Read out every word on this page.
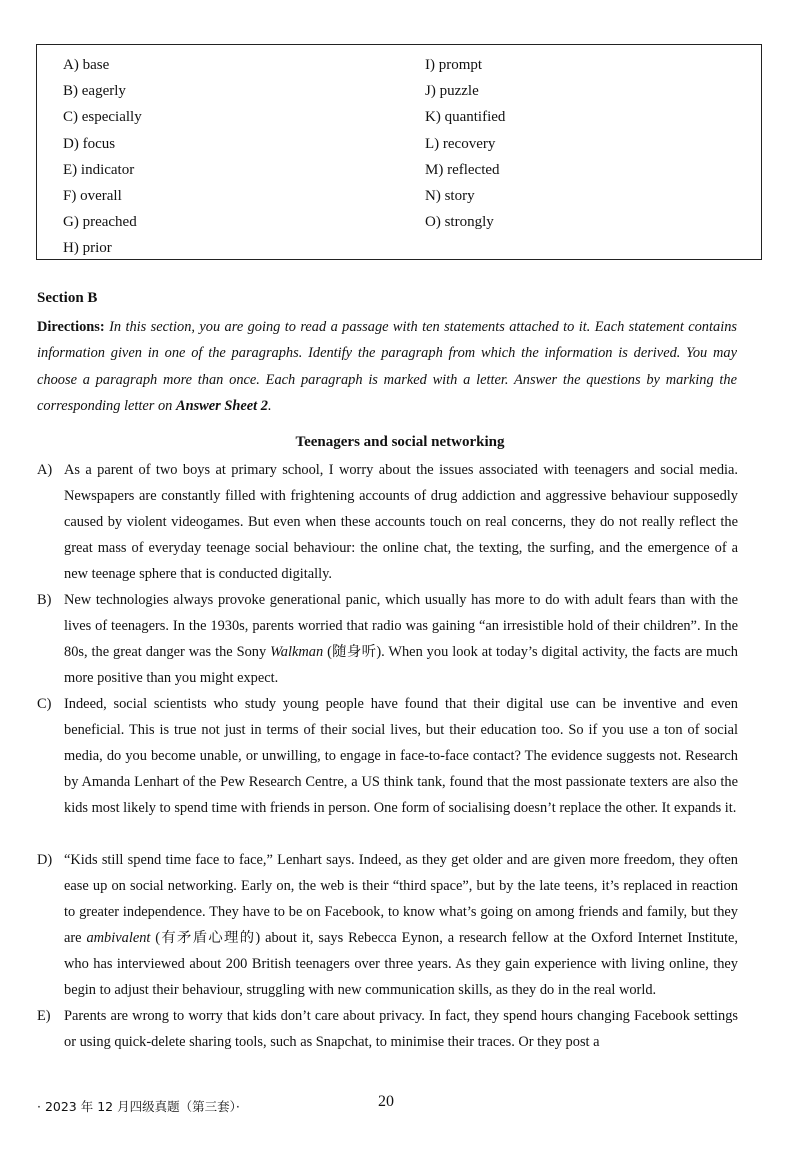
A) base
B) eagerly
C) especially
D) focus
E) indicator
F) overall
G) preached
H) prior
I) prompt
J) puzzle
K) quantified
L) recovery
M) reflected
N) story
O) strongly
Section B
Directions: In this section, you are going to read a passage with ten statements attached to it. Each statement contains information given in one of the paragraphs. Identify the paragraph from which the information is derived. You may choose a paragraph more than once. Each paragraph is marked with a letter. Answer the questions by marking the corresponding letter on Answer Sheet 2.
Teenagers and social networking
A) As a parent of two boys at primary school, I worry about the issues associated with teenagers and social media. Newspapers are constantly filled with frightening accounts of drug addiction and aggressive behaviour supposedly caused by violent videogames. But even when these accounts touch on real concerns, they do not really reflect the great mass of everyday teenage social behaviour: the online chat, the texting, the surfing, and the emergence of a new teenage sphere that is conducted digitally.
B) New technologies always provoke generational panic, which usually has more to do with adult fears than with the lives of teenagers. In the 1930s, parents worried that radio was gaining “an irresistible hold of their children”. In the 80s, the great danger was the Sony Walkman (随身听). When you look at today’s digital activity, the facts are much more positive than you might expect.
C) Indeed, social scientists who study young people have found that their digital use can be inventive and even beneficial. This is true not just in terms of their social lives, but their education too. So if you use a ton of social media, do you become unable, or unwilling, to engage in face-to-face contact? The evidence suggests not. Research by Amanda Lenhart of the Pew Research Centre, a US think tank, found that the most passionate texters are also the kids most likely to spend time with friends in person. One form of socialising doesn’t replace the other. It expands it.
D) “Kids still spend time face to face,” Lenhart says. Indeed, as they get older and are given more freedom, they often ease up on social networking. Early on, the web is their “third space”, but by the late teens, it’s replaced in reaction to greater independence. They have to be on Facebook, to know what’s going on among friends and family, but they are ambivalent (有矛盾心理的) about it, says Rebecca Eynon, a research fellow at the Oxford Internet Institute, who has interviewed about 200 British teenagers over three years. As they gain experience with living online, they begin to adjust their behaviour, struggling with new communication skills, as they do in the real world.
E) Parents are wrong to worry that kids don’t care about privacy. In fact, they spend hours changing Facebook settings or using quick-delete sharing tools, such as Snapchat, to minimise their traces. Or they post a
· 2023 年 12 月四级真题（第三套）·	20
